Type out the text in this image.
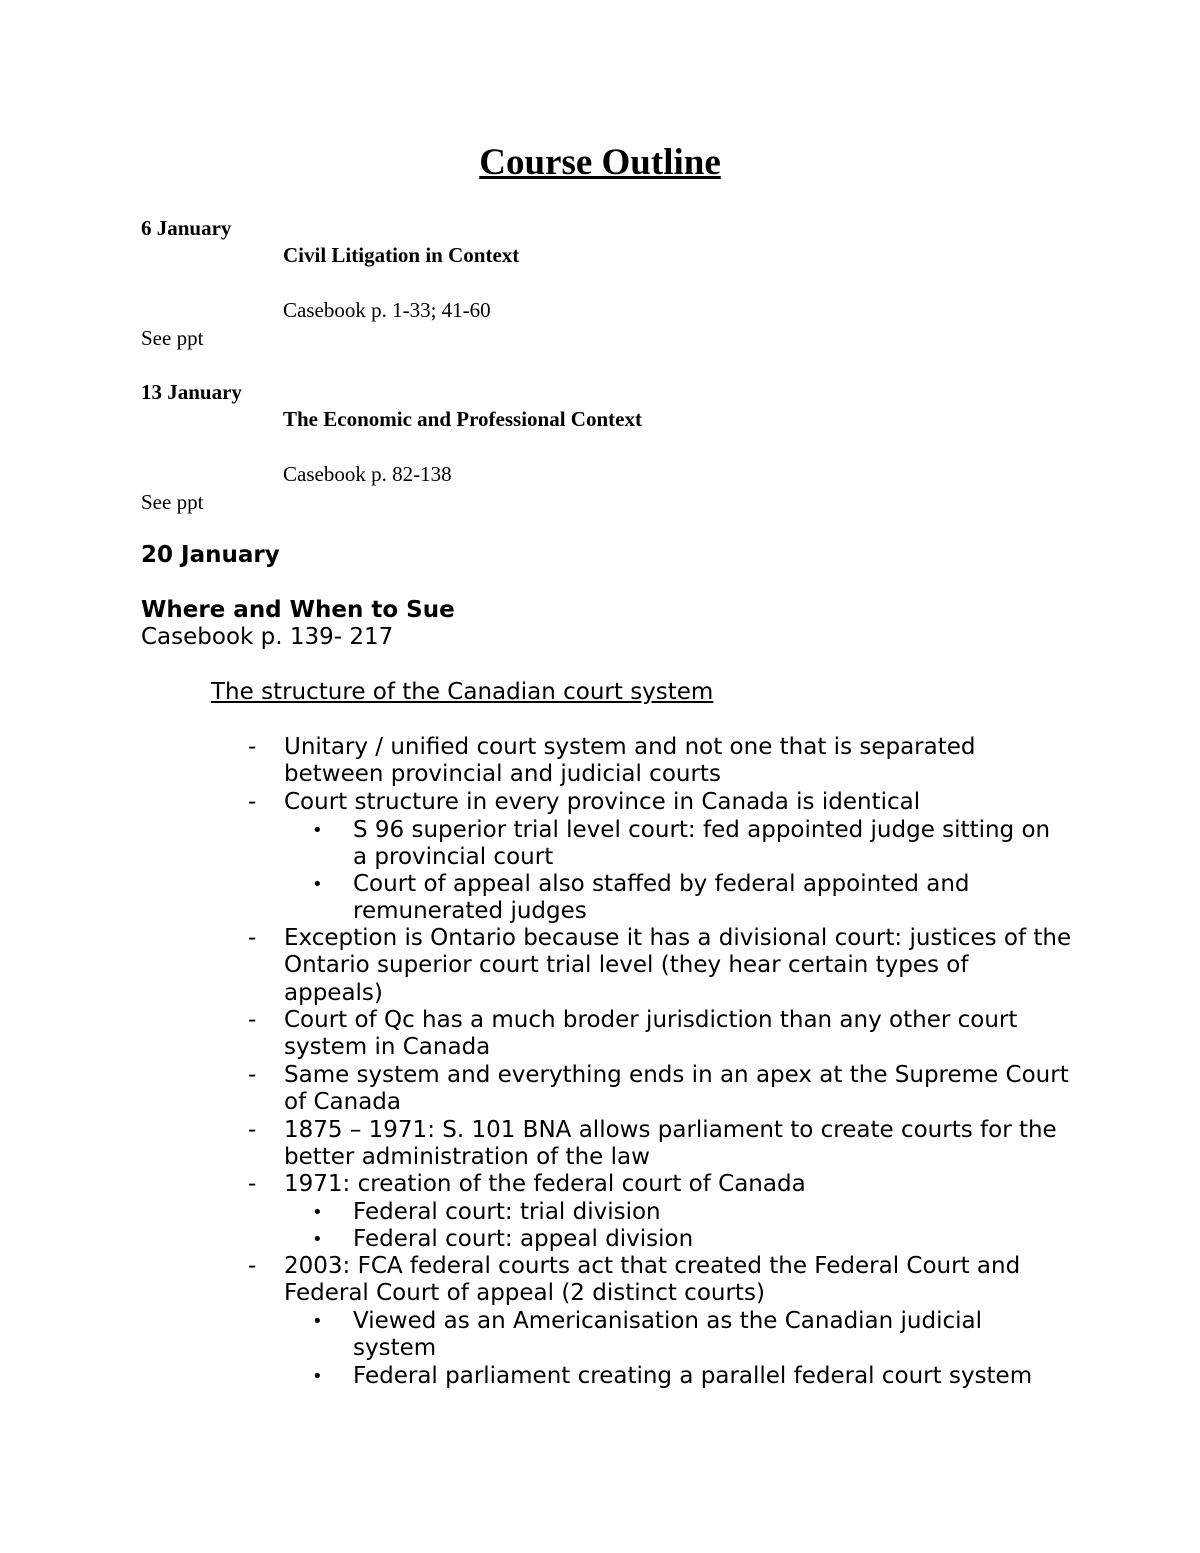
Course Outline
6 January
Civil Litigation in Context
Casebook p. 1-33; 41-60
See ppt
13 January
The Economic and Professional Context
Casebook p. 82-138
See ppt
20 January
Where and When to Sue
Casebook p. 139- 217
The structure of the Canadian court system
- Unitary / unified court system and not one that is separated between provincial and judicial courts
- Court structure in every province in Canada is identical
• S 96 superior trial level court: fed appointed judge sitting on a provincial court
• Court of appeal also staffed by federal appointed and remunerated judges
- Exception is Ontario because it has a divisional court: justices of the Ontario superior court trial level (they hear certain types of appeals)
- Court of Qc has a much broder jurisdiction than any other court system in Canada
- Same system and everything ends in an apex at the Supreme Court of Canada
- 1875 – 1971: S. 101 BNA allows parliament to create courts for the better administration of the law
- 1971: creation of the federal court of Canada
• Federal court: trial division
• Federal court: appeal division
- 2003: FCA federal courts act that created the Federal Court and Federal Court of appeal (2 distinct courts)
• Viewed as an Americanisation as the Canadian judicial system
• Federal parliament creating a parallel federal court system
